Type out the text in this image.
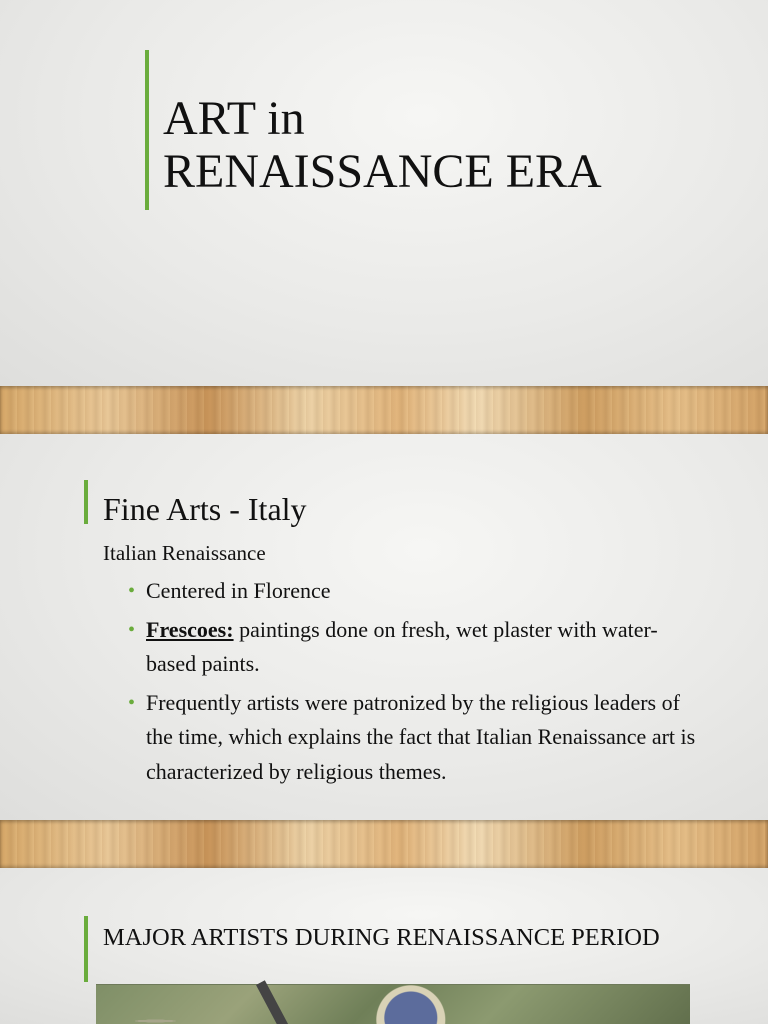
ART in
RENAISSANCE ERA
Fine Arts - Italy

Italian Renaissance

• Centered in Florence
• Frescoes: paintings done on fresh, wet plaster with water-based paints.
• Frequently artists were patronized by the religious leaders of the time, which explains the fact that Italian Renaissance art is characterized by religious themes.
MAJOR ARTISTS DURING RENAISSANCE PERIOD
